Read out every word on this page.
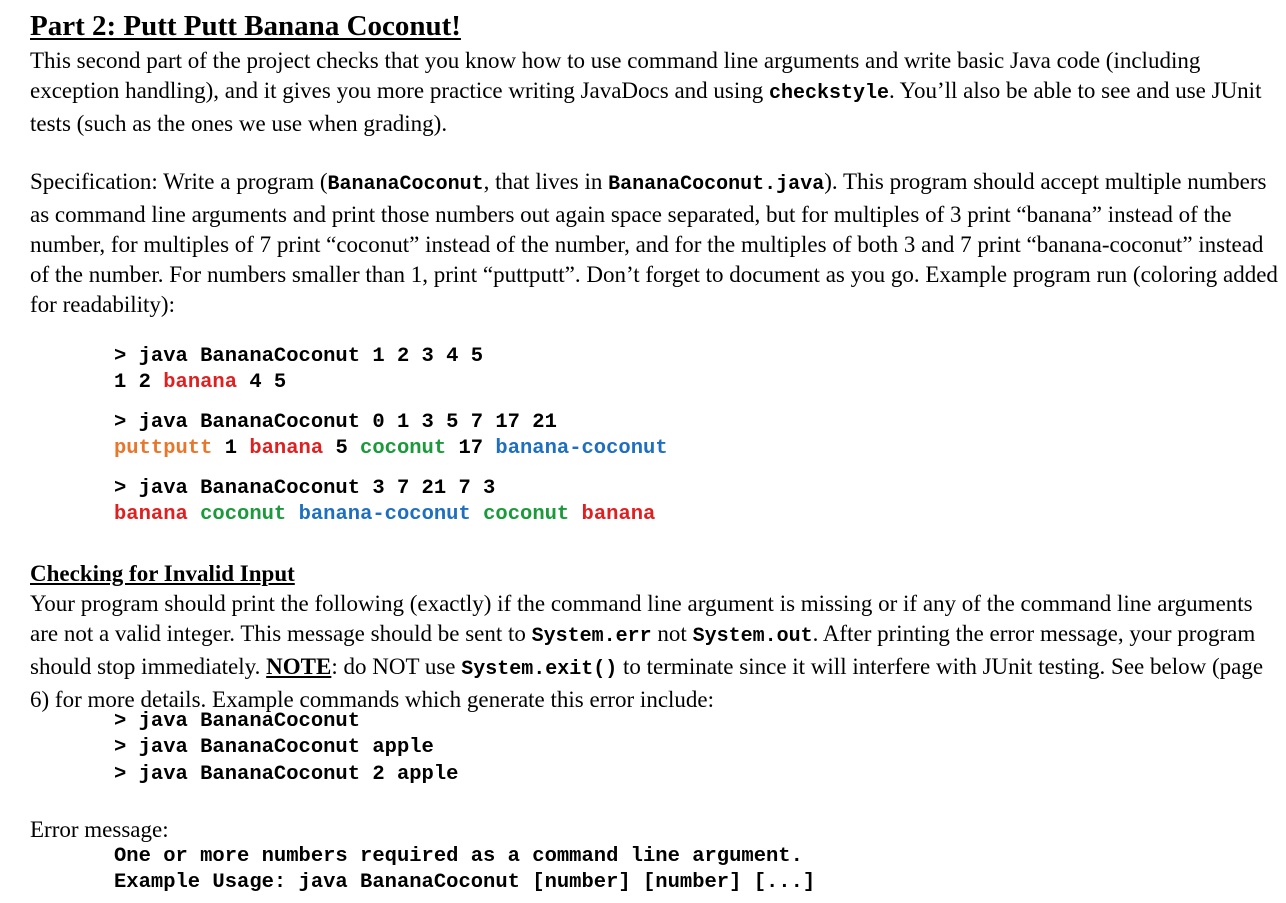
Part 2: Putt Putt Banana Coconut!
This second part of the project checks that you know how to use command line arguments and write basic Java code (including exception handling), and it gives you more practice writing JavaDocs and using checkstyle. You’ll also be able to see and use JUnit tests (such as the ones we use when grading).
Specification: Write a program (BananaCoconut, that lives in BananaCoconut.java). This program should accept multiple numbers as command line arguments and print those numbers out again space separated, but for multiples of 3 print “banana” instead of the number, for multiples of 7 print “coconut” instead of the number, and for the multiples of both 3 and 7 print “banana-coconut” instead of the number. For numbers smaller than 1, print “puttputt”. Don’t forget to document as you go. Example program run (coloring added for readability):
> java BananaCoconut 1 2 3 4 5
1 2 banana 4 5
> java BananaCoconut 0 1 3 5 7 17 21
puttputt 1 banana 5 coconut 17 banana-coconut
> java BananaCoconut 3 7 21 7 3
banana coconut banana-coconut coconut banana
Checking for Invalid Input
Your program should print the following (exactly) if the command line argument is missing or if any of the command line arguments are not a valid integer. This message should be sent to System.err not System.out. After printing the error message, your program should stop immediately. NOTE: do NOT use System.exit() to terminate since it will interfere with JUnit testing. See below (page 6) for more details. Example commands which generate this error include:
> java BananaCoconut
> java BananaCoconut apple
> java BananaCoconut 2 apple
Error message:
One or more numbers required as a command line argument.
Example Usage: java BananaCoconut [number] [number] [...]
